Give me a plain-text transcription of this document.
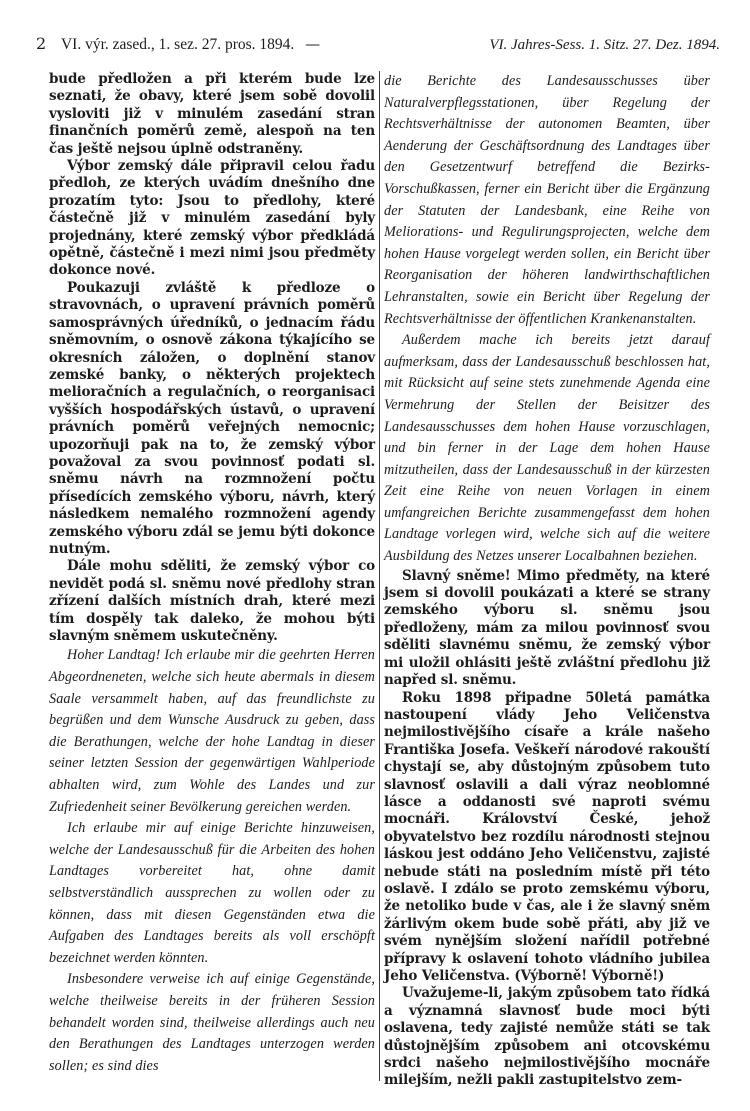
2 VI. výr. zased., 1. sez. 27. pros. 1894. —	VI. Jahres-Sess. 1. Sitz. 27. Dez. 1894.

bude předložen a při kterém bude lze seznati, že obavy, které jsem sobě dovolil vysloviti již v minulém zasedání stran finančních poměrů země, alespoň na ten čas ještě nejsou úplně odstraněny.

Výbor zemský dále připravil celou řadu předloh, ze kterých uvádím dnešního dne prozatím tyto: Jsou to předlohy, které částečně již v minulém zasedání byly projednány, které zemský výbor předkládá opětně, částečně i mezi nimi jsou předměty dokonce nové.

Poukazuji zvláště k předloze o stravovnách, o upravení právních poměrů samosprávných úředníků, o jednacím řádu sněmovním, o osnově zákona týkajícího se okresních záložen, o doplnění stanov zemské banky, o některých projektech melioračních a regulačních, o reorganisaci vyšších hospodářských ústavů, o upravení právních poměrů veřejných nemocnic; upozorňuji pak na to, že zemský výbor považoval za svou povinnosť podati sl. sněmu návrh na rozmnožení počtu přísedících zemského výboru, návrh, který následkem nemalého rozmnožení agendy zemského výboru zdál se jemu býti dokonce nutným.

Dále mohu sděliti, že zemský výbor co nevidět podá sl. sněmu nové předlohy stran zřízení dalších místních drah, které mezi tím dospěly tak daleko, že mohou býti slavným sněmem uskutečněny.

Hoher Landtag! Ich erlaube mir die geehrten Herren Abgeordneneten, welche sich heute abermals in diesem Saale versammelt haben, auf das freundlichste zu begrüßen und dem Wunsche Ausdruck zu geben, dass die Berathungen, welche der hohe Landtag in dieser seiner letzten Session der gegenwärtigen Wahlperiode abhalten wird, zum Wohle des Landes und zur Zufriedenheit seiner Bevölkerung gereichen werden.

Ich erlaube mir auf einige Berichte hinzuweisen, welche der Landesausschuß für die Arbeiten des hohen Landtages vorbereitet hat, ohne damit selbstverständlich aussprechen zu wollen oder zu können, dass mit diesen Gegenständen etwa die Aufgaben des Landtages bereits als voll erschöpft bezeichnet werden könnten.

Insbesondere verweise ich auf einige Gegenstände, welche theilweise bereits in der früheren Session behandelt worden sind, theilweise allerdings auch neu den Berathungen des Landtages unterzogen werden sollen; es sind dies

die Berichte des Landesausschusses über Naturalverpflegsstationen, über Regelung der Rechtsverhältnisse der autonomen Beamten, über Aenderung der Geschäftsordnung des Landtages über den Gesetzentwurf betreffend die Bezirks-Vorschußkassen, ferner ein Bericht über die Ergänzung der Statuten der Landesbank, eine Reihe von Meliorations- und Regulirungsprojecten, welche dem hohen Hause vorgelegt werden sollen, ein Bericht über Reorganisation der höheren landwirthschaftlichen Lehranstalten, sowie ein Bericht über Regelung der Rechtsverhältnisse der öffentlichen Krankenanstalten.

Außerdem mache ich bereits jetzt darauf aufmerksam, dass der Landesausschuß beschlossen hat, mit Rücksicht auf seine stets zunehmende Agenda eine Vermehrung der Stellen der Beisitzer des Landesausschusses dem hohen Hause vorzuschlagen, und bin ferner in der Lage dem hohen Hause mitzutheilen, dass der Landesausschuß in der kürzesten Zeit eine Reihe von neuen Vorlagen in einem umfangreichen Berichte zusammengefasst dem hohen Landtage vorlegen wird, welche sich auf die weitere Ausbildung des Netzes unserer Localbahnen beziehen.

Slavný sněme! Mimo předměty, na které jsem si dovolil poukázati a které se strany zemského výboru sl. sněmu jsou předloženy, mám za milou povinnosť svou sděliti slavnému sněmu, že zemský výbor mi uložil ohlásiti ještě zvláštní předlohu již napřed sl. sněmu.

Roku 1898 připadne 50letá památka nastoupení vlády Jeho Veličenstva nejmilostivějšího císaře a krále našeho Františka Josefa. Veškeří národové rakouští chystají se, aby důstojným způsobem tuto slavnosť oslavili a dali výraz neoblomné lásce a oddanosti své naproti svému mocnáři. Království České, jehož obyvatelstvo bez rozdílu národnosti stejnou láskou jest oddáno Jeho Veličenstvu, zajisté nebude státi na posledním místě při této oslavě. I zdálo se proto zemskému výboru, že netoliko bude v čas, ale i že slavný sněm žárlivým okem bude sobě přáti, aby již ve svém nynějším složení nařídil potřebné přípravy k oslavení tohoto vládního jubilea Jeho Veličenstva. (Výborně! Výborně!)

Uvažujeme-li, jakým způsobem tato řídká a významná slavnosť bude moci býti oslavena, tedy zajisté nemůže státi se tak důstojnějším způsobem ani otcovskému srdci našeho nejmilostivějšího mocnáře milejším, nežli pakli zastupitelstvo zem-
